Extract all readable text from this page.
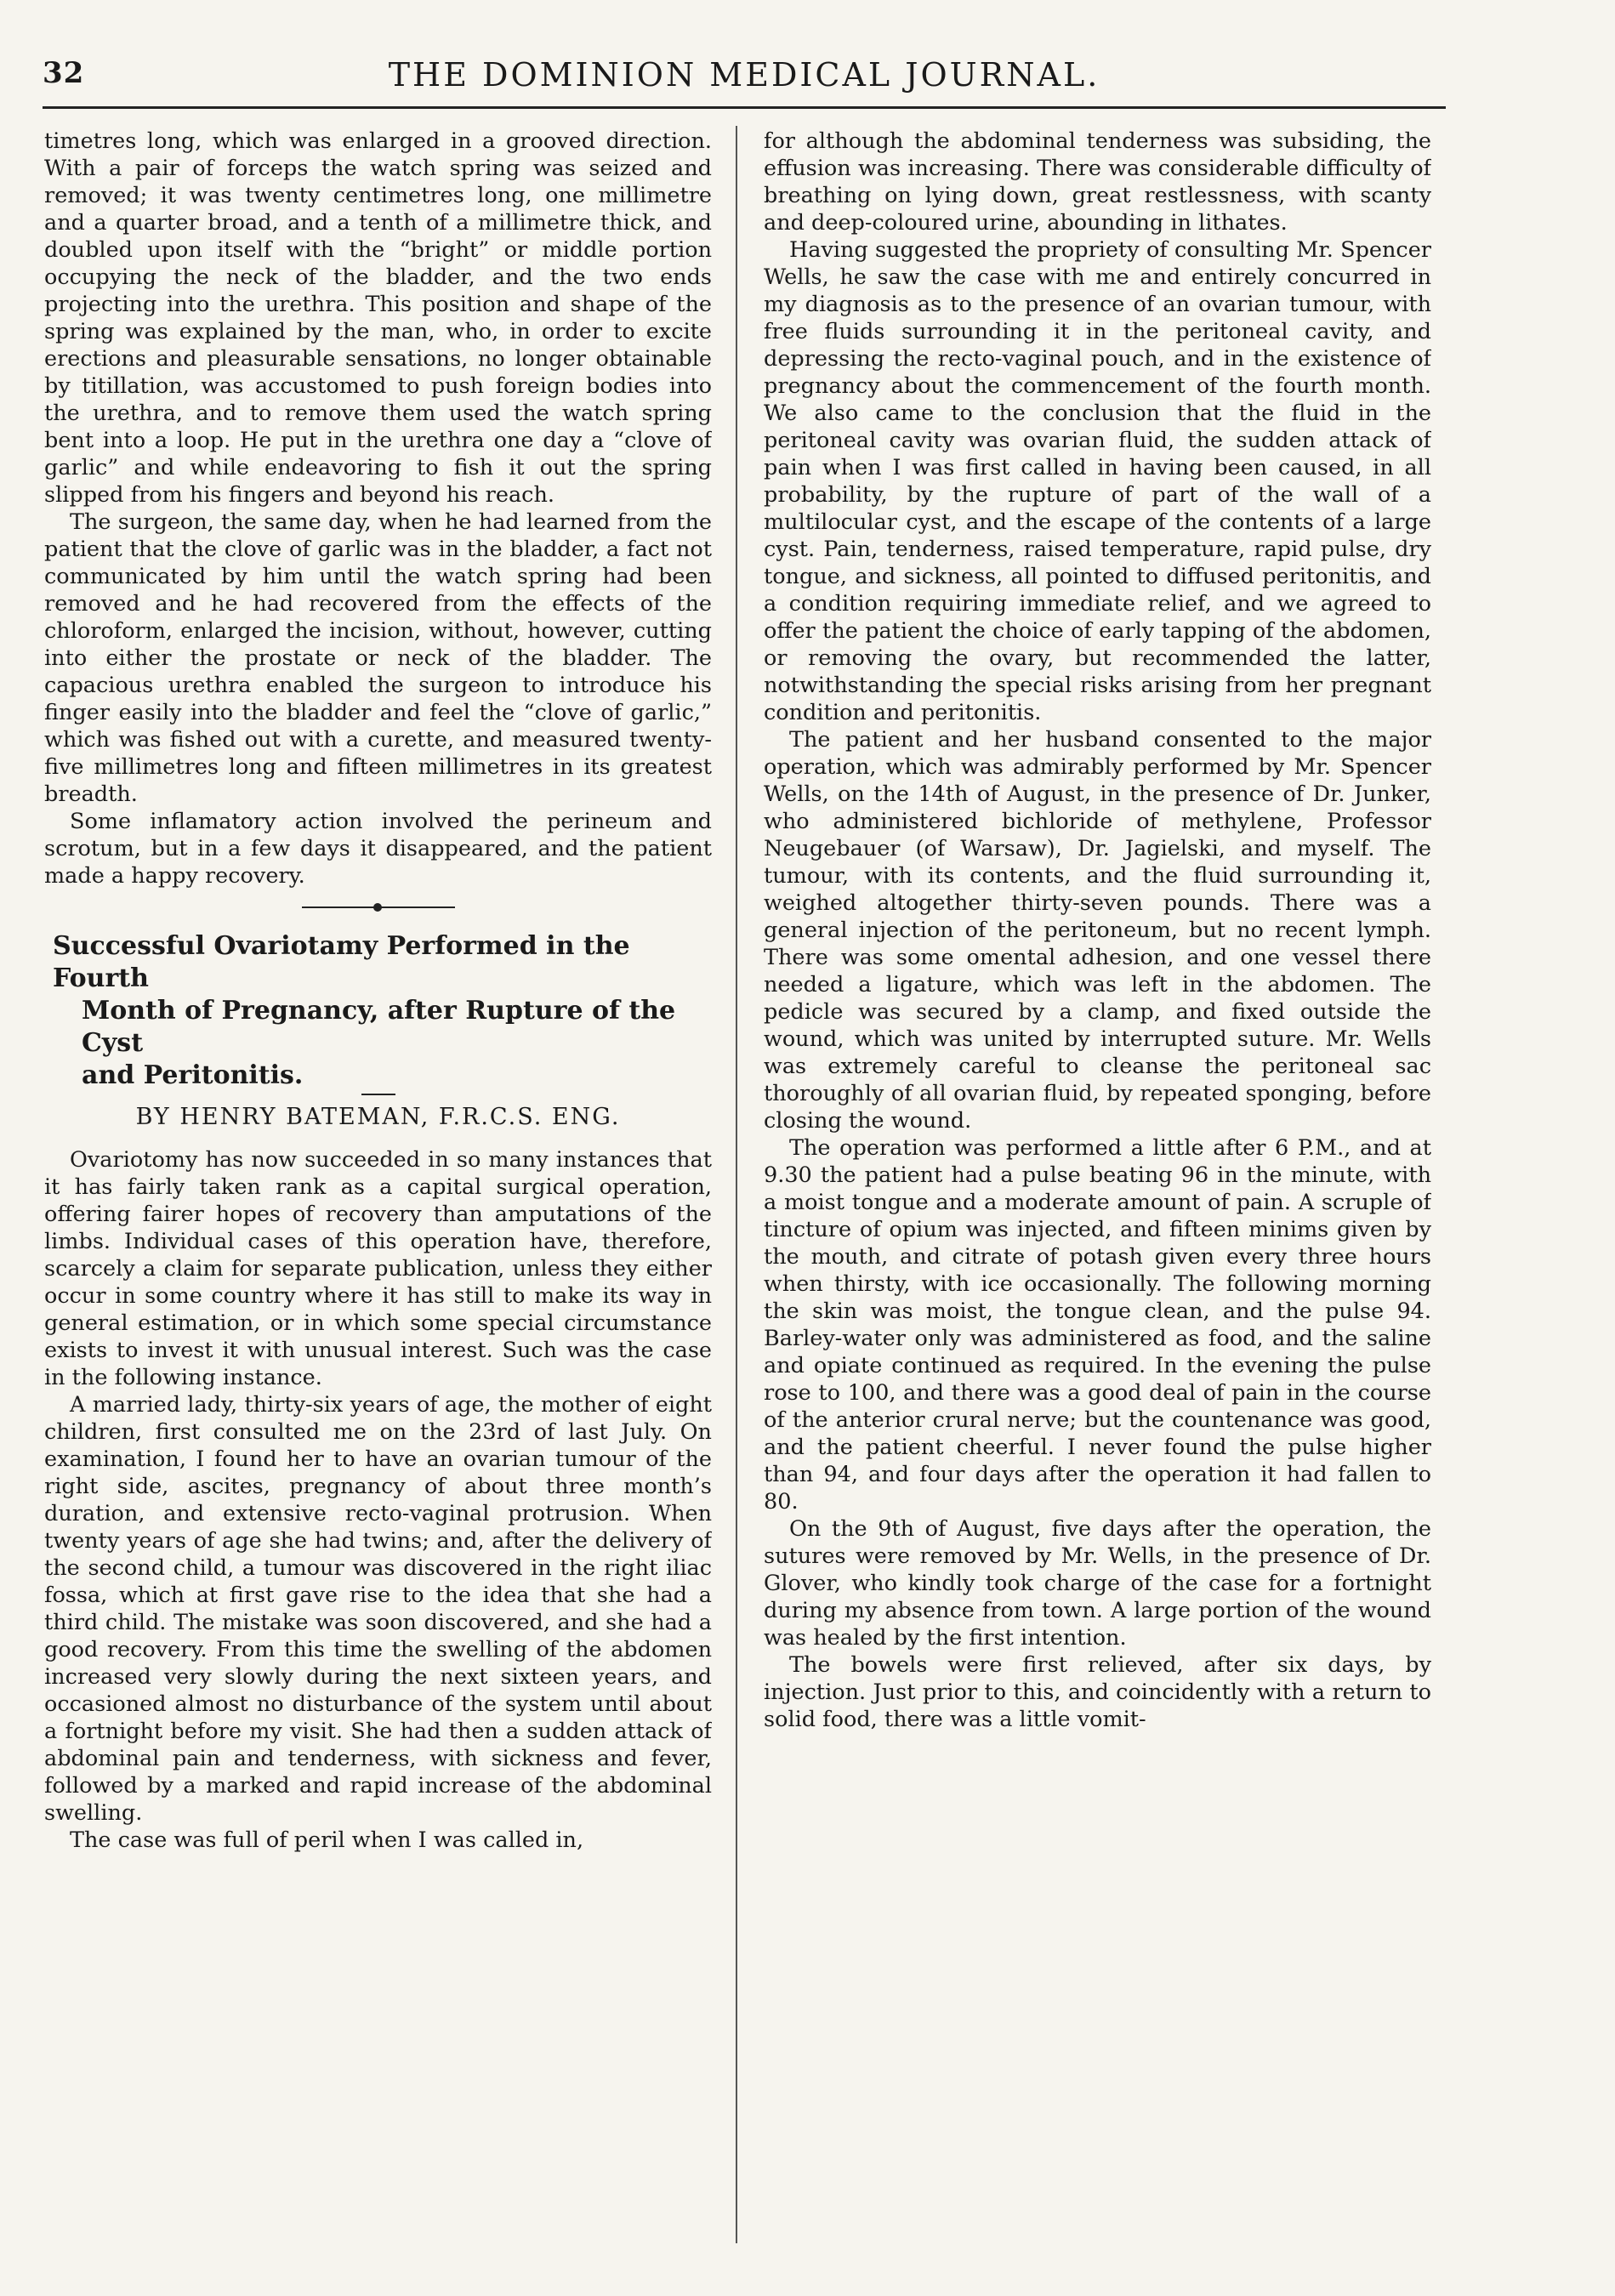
32	THE DOMINION MEDICAL JOURNAL.

timetres long, which was enlarged in a grooved direction. With a pair of forceps the watch spring was seized and removed; it was twenty centimetres long, one millimetre and a quarter broad, and a tenth of a millimetre thick, and doubled upon itself with the “bright” or middle portion occupying the neck of the bladder, and the two ends projecting into the urethra. This position and shape of the spring was explained by the man, who, in order to excite erections and pleasurable sensations, no longer obtainable by titillation, was accustomed to push foreign bodies into the urethra, and to remove them used the watch spring bent into a loop. He put in the urethra one day a “clove of garlic” and while endeavoring to fish it out the spring slipped from his fingers and beyond his reach.

The surgeon, the same day, when he had learned from the patient that the clove of garlic was in the bladder, a fact not communicated by him until the watch spring had been removed and he had recovered from the effects of the chloroform, enlarged the incision, without, however, cutting into either the prostate or neck of the bladder. The capacious urethra enabled the surgeon to introduce his finger easily into the bladder and feel the “clove of garlic,” which was fished out with a curette, and measured twenty-five millimetres long and fifteen millimetres in its greatest breadth.

Some inflamatory action involved the perineum and scrotum, but in a few days it disappeared, and the patient made a happy recovery.

Successful Ovariotamy Performed in the Fourth
Month of Pregnancy, after Rupture of the Cyst
and Peritonitis.
BY HENRY BATEMAN, F.R.C.S. ENG.

Ovariotomy has now succeeded in so many instances that it has fairly taken rank as a capital surgical operation, offering fairer hopes of recovery than amputations of the limbs. Individual cases of this operation have, therefore, scarcely a claim for separate publication, unless they either occur in some country where it has still to make its way in general estimation, or in which some special circumstance exists to invest it with unusual interest. Such was the case in the following instance.

A married lady, thirty-six years of age, the mother of eight children, first consulted me on the 23rd of last July. On examination, I found her to have an ovarian tumour of the right side, ascites, pregnancy of about three month’s duration, and extensive recto-vaginal protrusion. When twenty years of age she had twins; and, after the delivery of the second child, a tumour was discovered in the right iliac fossa, which at first gave rise to the idea that she had a third child. The mistake was soon discovered, and she had a good recovery. From this time the swelling of the abdomen increased very slowly during the next sixteen years, and occasioned almost no disturbance of the system until about a fortnight before my visit. She had then a sudden attack of abdominal pain and tenderness, with sickness and fever, followed by a marked and rapid increase of the abdominal swelling.

The case was full of peril when I was called in,

for although the abdominal tenderness was subsiding, the effusion was increasing. There was considerable difficulty of breathing on lying down, great restlessness, with scanty and deep-coloured urine, abounding in lithates.

Having suggested the propriety of consulting Mr. Spencer Wells, he saw the case with me and entirely concurred in my diagnosis as to the presence of an ovarian tumour, with free fluids surrounding it in the peritoneal cavity, and depressing the recto-vaginal pouch, and in the existence of pregnancy about the commencement of the fourth month. We also came to the conclusion that the fluid in the peritoneal cavity was ovarian fluid, the sudden attack of pain when I was first called in having been caused, in all probability, by the rupture of part of the wall of a multilocular cyst, and the escape of the contents of a large cyst. Pain, tenderness, raised temperature, rapid pulse, dry tongue, and sickness, all pointed to diffused peritonitis, and a condition requiring immediate relief, and we agreed to offer the patient the choice of early tapping of the abdomen, or removing the ovary, but recommended the latter, notwithstanding the special risks arising from her pregnant condition and peritonitis.

The patient and her husband consented to the major operation, which was admirably performed by Mr. Spencer Wells, on the 14th of August, in the presence of Dr. Junker, who administered bichloride of methylene, Professor Neugebauer (of Warsaw), Dr. Jagielski, and myself. The tumour, with its contents, and the fluid surrounding it, weighed altogether thirty-seven pounds. There was a general injection of the peritoneum, but no recent lymph. There was some omental adhesion, and one vessel there needed a ligature, which was left in the abdomen. The pedicle was secured by a clamp, and fixed outside the wound, which was united by interrupted suture. Mr. Wells was extremely careful to cleanse the peritoneal sac thoroughly of all ovarian fluid, by repeated sponging, before closing the wound.

The operation was performed a little after 6 P.M., and at 9.30 the patient had a pulse beating 96 in the minute, with a moist tongue and a moderate amount of pain. A scruple of tincture of opium was injected, and fifteen minims given by the mouth, and citrate of potash given every three hours when thirsty, with ice occasionally. The following morning the skin was moist, the tongue clean, and the pulse 94. Barley-water only was administered as food, and the saline and opiate continued as required. In the evening the pulse rose to 100, and there was a good deal of pain in the course of the anterior crural nerve; but the countenance was good, and the patient cheerful. I never found the pulse higher than 94, and four days after the operation it had fallen to 80.

On the 9th of August, five days after the operation, the sutures were removed by Mr. Wells, in the presence of Dr. Glover, who kindly took charge of the case for a fortnight during my absence from town. A large portion of the wound was healed by the first intention.

The bowels were first relieved, after six days, by injection. Just prior to this, and coincidently with a return to solid food, there was a little vomit-
